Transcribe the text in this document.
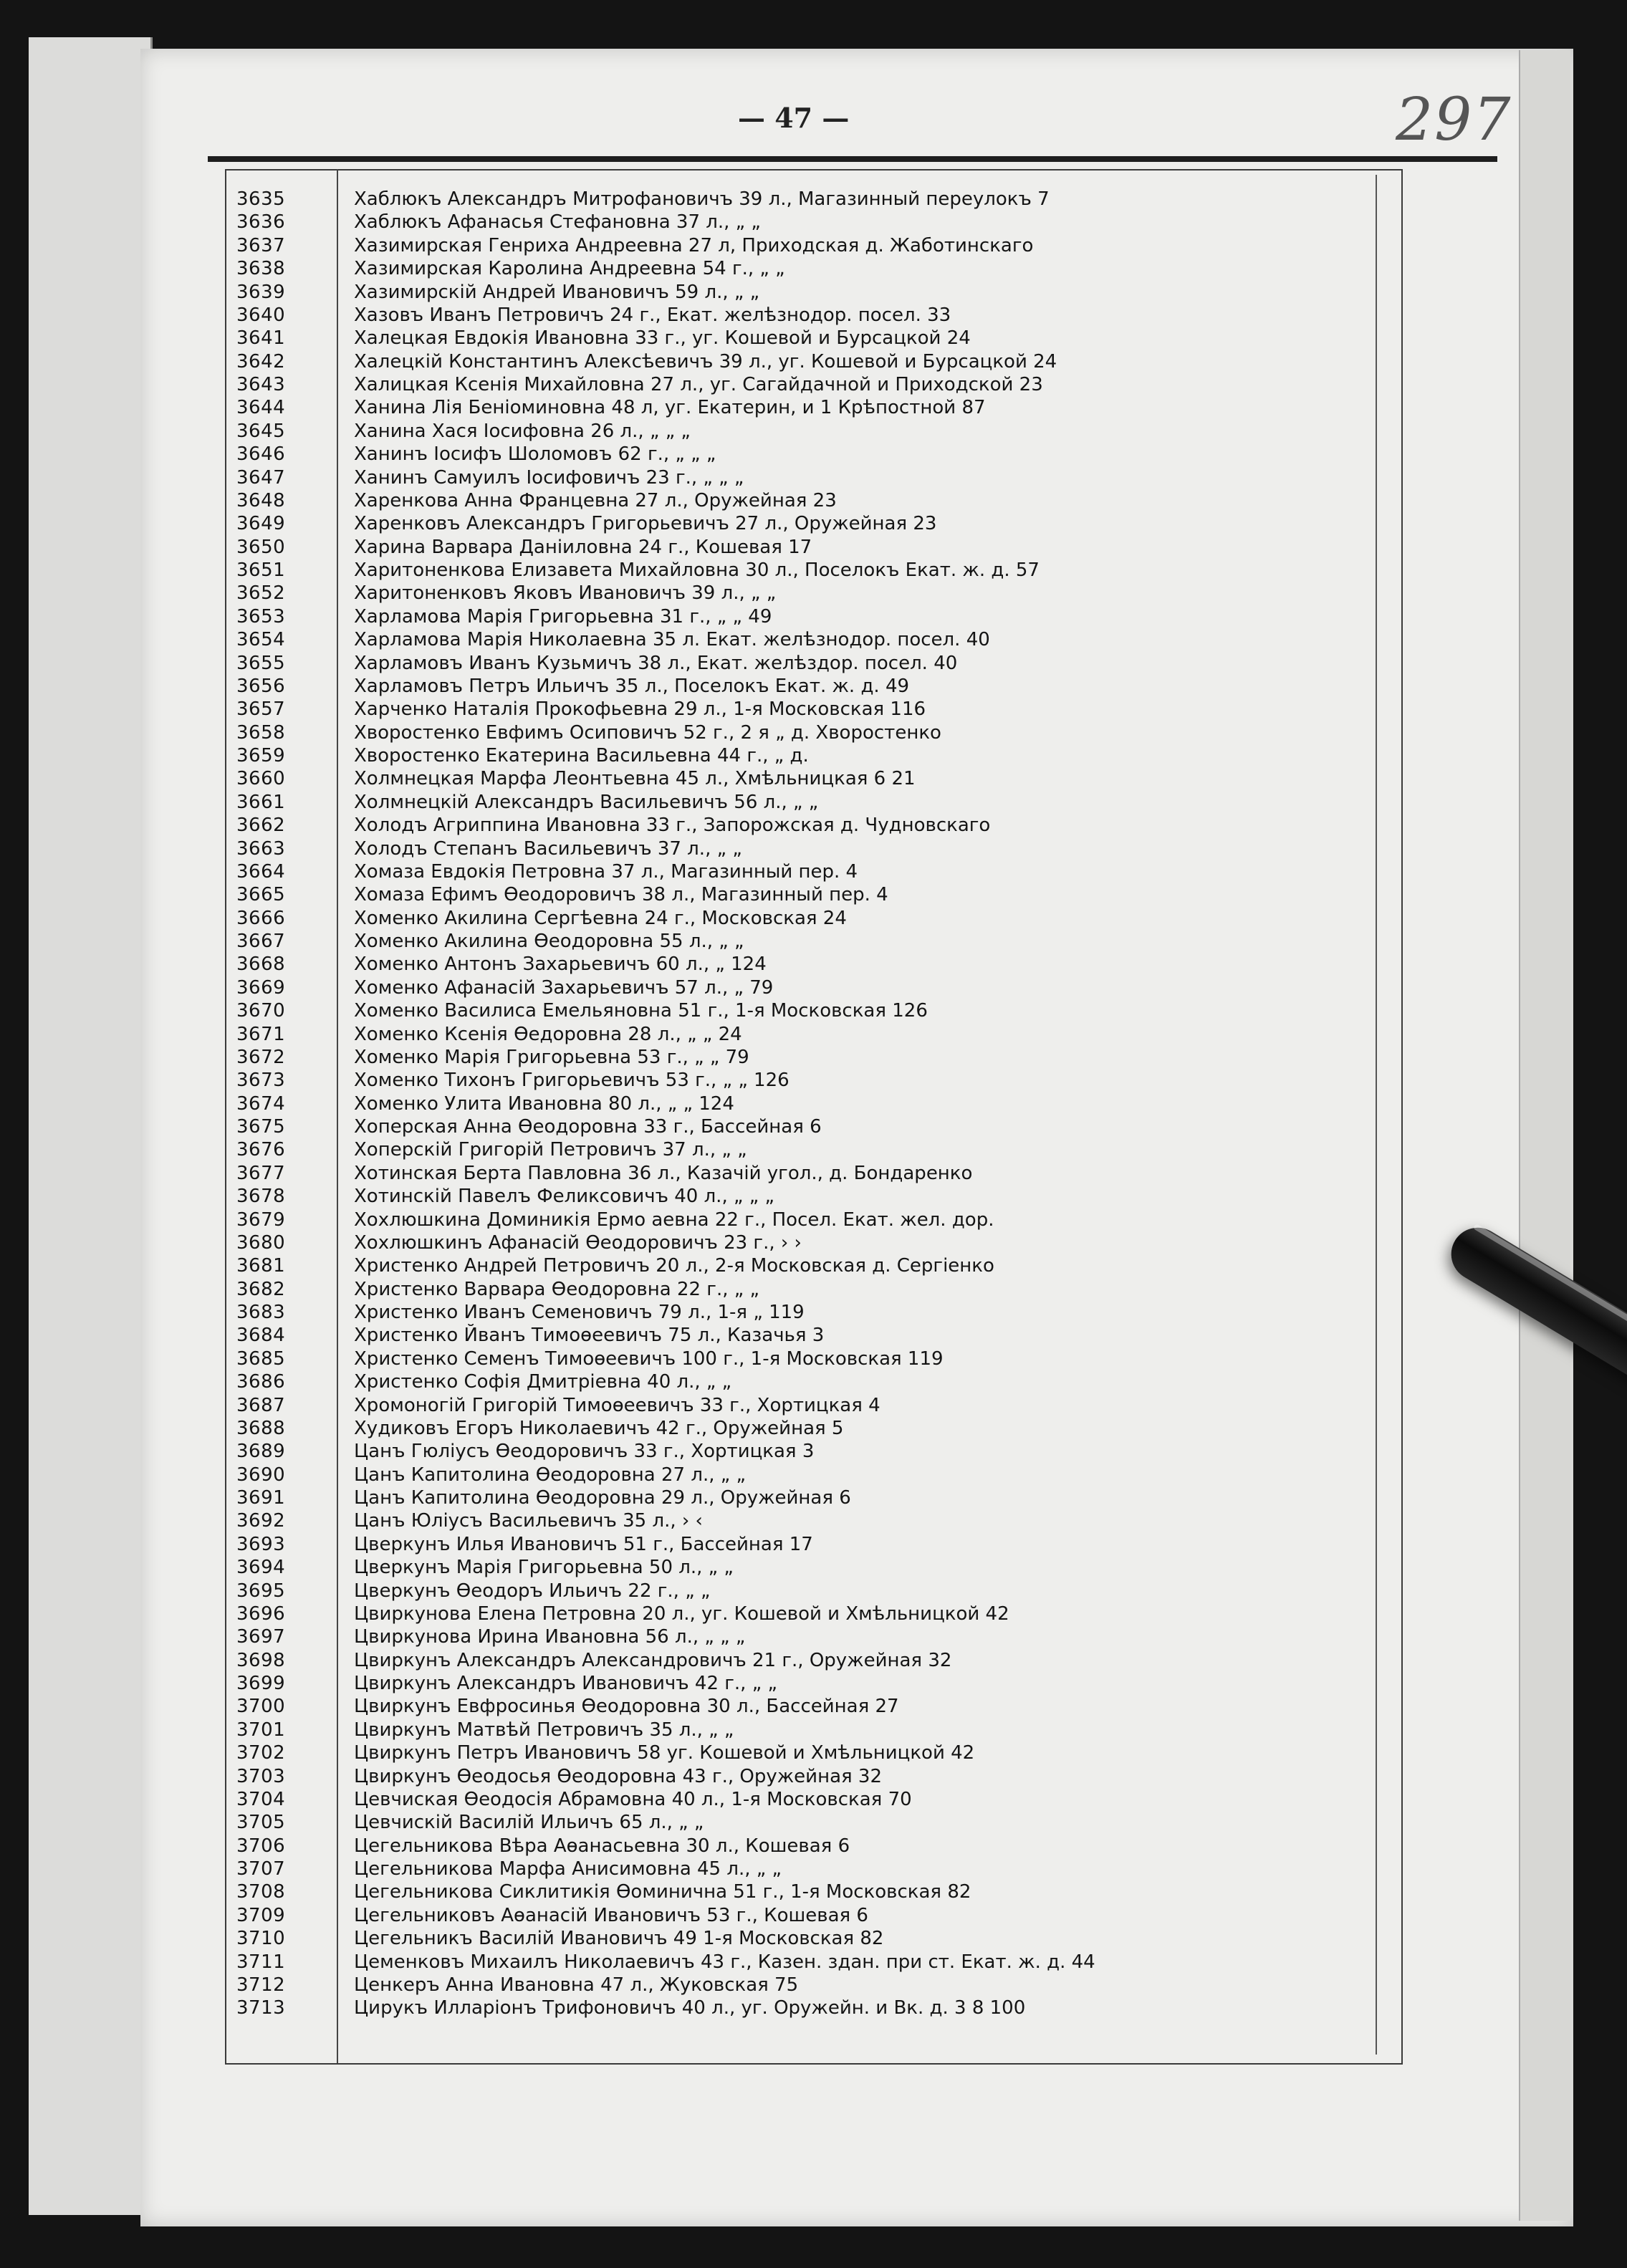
— 47 —	297
3635	Хаблюкъ Александръ Митрофановичъ 39 л., Магазинный переулокъ 7
3636	Хаблюкъ Афанасья Стефановна 37 л., „ „
3637	Хазимирская Генриха Андреевна 27 л, Приходская д. Жаботинскаго
3638	Хазимирская Каролина Андреевна 54 г., „ „
3639	Хазимирскій Андрей Ивановичъ 59 л., „ „
3640	Хазовъ Иванъ Петровичъ 24 г., Екат. желѣзнодор. посел. 33
3641	Халецкая Евдокія Ивановна 33 г., уг. Кошевой и Бурсацкой 24
3642	Халецкій Константинъ Алексѣевичъ 39 л., уг. Кошевой и Бурсацкой 24
3643	Халицкая Ксенія Михайловна 27 л., уг. Сагайдачной и Приходской 23
3644	Ханина Лія Беніоминовна 48 л, уг. Екатерин, и 1 Крѣпостной 87
3645	Ханина Хася Іосифовна 26 л., „ „ „
3646	Ханинъ Іосифъ Шоломовъ 62 г., „ „ „
3647	Ханинъ Самуилъ Іосифовичъ 23 г., „ „ „
3648	Харенкова Анна Францевна 27 л., Оружейная 23
3649	Харенковъ Александръ Григорьевичъ 27 л., Оружейная 23
3650	Харина Варвара Даніиловна 24 г., Кошевая 17
3651	Харитоненкова Елизавета Михайловна 30 л., Поселокъ Екат. ж. д. 57
3652	Харитоненковъ Яковъ Ивановичъ 39 л., „ „
3653	Харламова Марія Григорьевна 31 г., „ „ 49
3654	Харламова Марія Николаевна 35 л. Екат. желѣзнодор. посел. 40
3655	Харламовъ Иванъ Кузьмичъ 38 л., Екат. желѣздор. посел. 40
3656	Харламовъ Петръ Ильичъ 35 л., Поселокъ Екат. ж. д. 49
3657	Харченко Наталія Прокофьевна 29 л., 1-я Московская 116
3658	Хворостенко Евфимъ Осиповичъ 52 г., 2 я „ д. Хворостенко
3659	Хворостенко Екатерина Васильевна 44 г., „ д.
3660	Холмнецкая Марфа Леонтьевна 45 л., Хмѣльницкая 6 21
3661	Холмнецкій Александръ Васильевичъ 56 л., „ „
3662	Холодъ Агриппина Ивановна 33 г., Запорожская д. Чудновскаго
3663	Холодъ Степанъ Васильевичъ 37 л., „ „
3664	Хомаза Евдокія Петровна 37 л., Магазинный пер. 4
3665	Хомаза Ефимъ Өеодоровичъ 38 л., Магазинный пер. 4
3666	Хоменко Акилина Сергѣевна 24 г., Московская 24
3667	Хоменко Акилина Өеодоровна 55 л., „ „
3668	Хоменко Антонъ Захарьевичъ 60 л., „ 124
3669	Хоменко Афанасій Захарьевичъ 57 л., „ 79
3670	Хоменко Василиса Емельяновна 51 г., 1-я Московская 126
3671	Хоменко Ксенія Өедоровна 28 л., „ „ 24
3672	Хоменко Марія Григорьевна 53 г., „ „ 79
3673	Хоменко Тихонъ Григорьевичъ 53 г., „ „ 126
3674	Хоменко Улита Ивановна 80 л., „ „ 124
3675	Хоперская Анна Өеодоровна 33 г., Бассейная 6
3676	Хоперскій Григорій Петровичъ 37 л., „ „
3677	Хотинская Берта Павловна 36 л., Казачій угол., д. Бондаренко
3678	Хотинскій Павелъ Феликсовичъ 40 л., „ „ „
3679	Хохлюшкина Доминикія Ермо аевна 22 г., Посел. Екат. жел. дор.
3680	Хохлюшкинъ Афанасій Өеодоровичъ 23 г., › ›
3681	Христенко Андрей Петровичъ 20 л., 2-я Московская д. Сергіенко
3682	Христенко Варвара Өеодоровна 22 г., „ „
3683	Христенко Иванъ Семеновичъ 79 л., 1-я „ 119
3684	Христенко Йванъ Тимоѳеевичъ 75 л., Казачья 3
3685	Христенко Семенъ Тимоѳеевичъ 100 г., 1-я Московская 119
3686	Христенко Софія Дмитріевна 40 л., „ „
3687	Хромоногій Григорій Тимоѳеевичъ 33 г., Хортицкая 4
3688	Худиковъ Егоръ Николаевичъ 42 г., Оружейная 5
3689	Цанъ Гюліусъ Өеодоровичъ 33 г., Хортицкая 3
3690	Цанъ Капитолина Өеодоровна 27 л., „ „
3691	Цанъ Капитолина Өеодоровна 29 л., Оружейная 6
3692	Цанъ Юліусъ Васильевичъ 35 л., › ‹
3693	Цверкунъ Илья Ивановичъ 51 г., Бассейная 17
3694	Цверкунъ Марія Григорьевна 50 л., „ „
3695	Цверкунъ Өеодоръ Ильичъ 22 г., „ „
3696	Цвиркунова Елена Петровна 20 л., уг. Кошевой и Хмѣльницкой 42
3697	Цвиркунова Ирина Ивановна 56 л., „ „ „
3698	Цвиркунъ Александръ Александровичъ 21 г., Оружейная 32
3699	Цвиркунъ Александръ Ивановичъ 42 г., „ „
3700	Цвиркунъ Евфросинья Өеодоровна 30 л., Бассейная 27
3701	Цвиркунъ Матвѣй Петровичъ 35 л., „ „
3702	Цвиркунъ Петръ Ивановичъ 58 уг. Кошевой и Хмѣльницкой 42
3703	Цвиркунъ Өеодосья Өеодоровна 43 г., Оружейная 32
3704	Цевчиская Өеодосія Абрамовна 40 л., 1-я Московская 70
3705	Цевчискій Василій Ильичъ 65 л., „ „
3706	Цегельникова Вѣра Аѳанасьевна 30 л., Кошевая 6
3707	Цегельникова Марфа Анисимовна 45 л., „ „
3708	Цегельникова Сиклитикія Өоминична 51 г., 1-я Московская 82
3709	Цегельниковъ Аѳанасій Ивановичъ 53 г., Кошевая 6
3710	Цегельникъ Василій Ивановичъ 49 1-я Московская 82
3711	Цеменковъ Михаилъ Николаевичъ 43 г., Казен. здан. при ст. Екат. ж. д. 44
3712	Ценкеръ Анна Ивановна 47 л., Жуковская 75
3713	Цирукъ Илларіонъ Трифоновичъ 40 л., уг. Оружейн. и Вк. д. 3 8 100
